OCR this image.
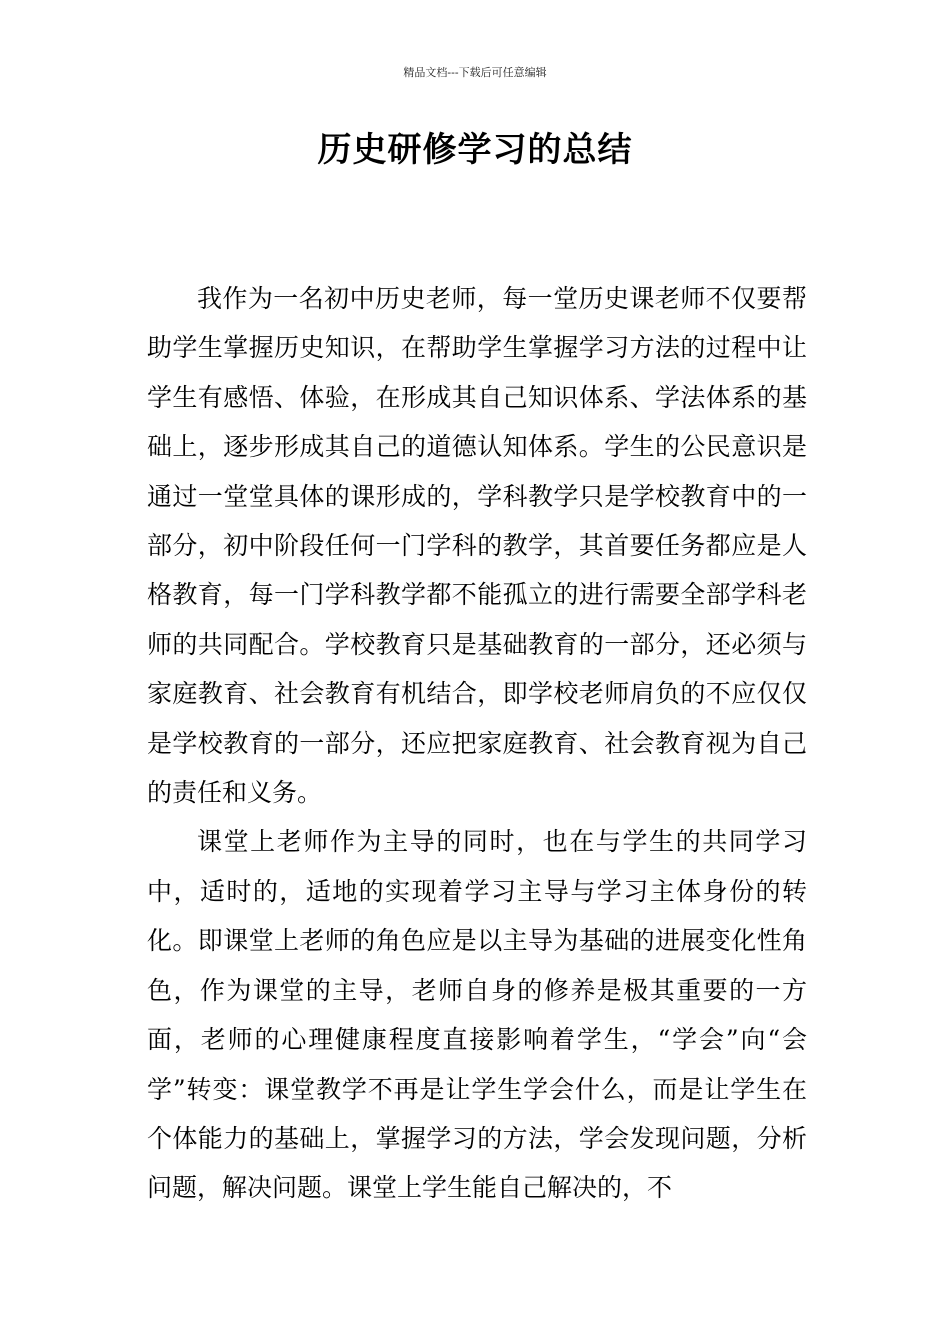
精品文档---下载后可任意编辑
历史研修学习的总结

我作为一名初中历史老师，每一堂历史课老师不仅要帮助学生掌握历史知识，在帮助学生掌握学习方法的过程中让学生有感悟、体验，在形成其自己知识体系、学法体系的基础上，逐步形成其自己的道德认知体系。学生的公民意识是通过一堂堂具体的课形成的，学科教学只是学校教育中的一部分，初中阶段任何一门学科的教学，其首要任务都应是人格教育，每一门学科教学都不能孤立的进行需要全部学科老师的共同配合。学校教育只是基础教育的一部分，还必须与家庭教育、社会教育有机结合，即学校老师肩负的不应仅仅是学校教育的一部分，还应把家庭教育、社会教育视为自己的责任和义务。

课堂上老师作为主导的同时，也在与学生的共同学习中，适时的，适地的实现着学习主导与学习主体身份的转化。即课堂上老师的角色应是以主导为基础的进展变化性角色，作为课堂的主导，老师自身的修养是极其重要的一方面，老师的心理健康程度直接影响着学生，“学会”向“会学”转变：课堂教学不再是让学生学会什么，而是让学生在个体能力的基础上，掌握学习的方法，学会发现问题，分析问题，解决问题。课堂上学生能自己解决的，不
